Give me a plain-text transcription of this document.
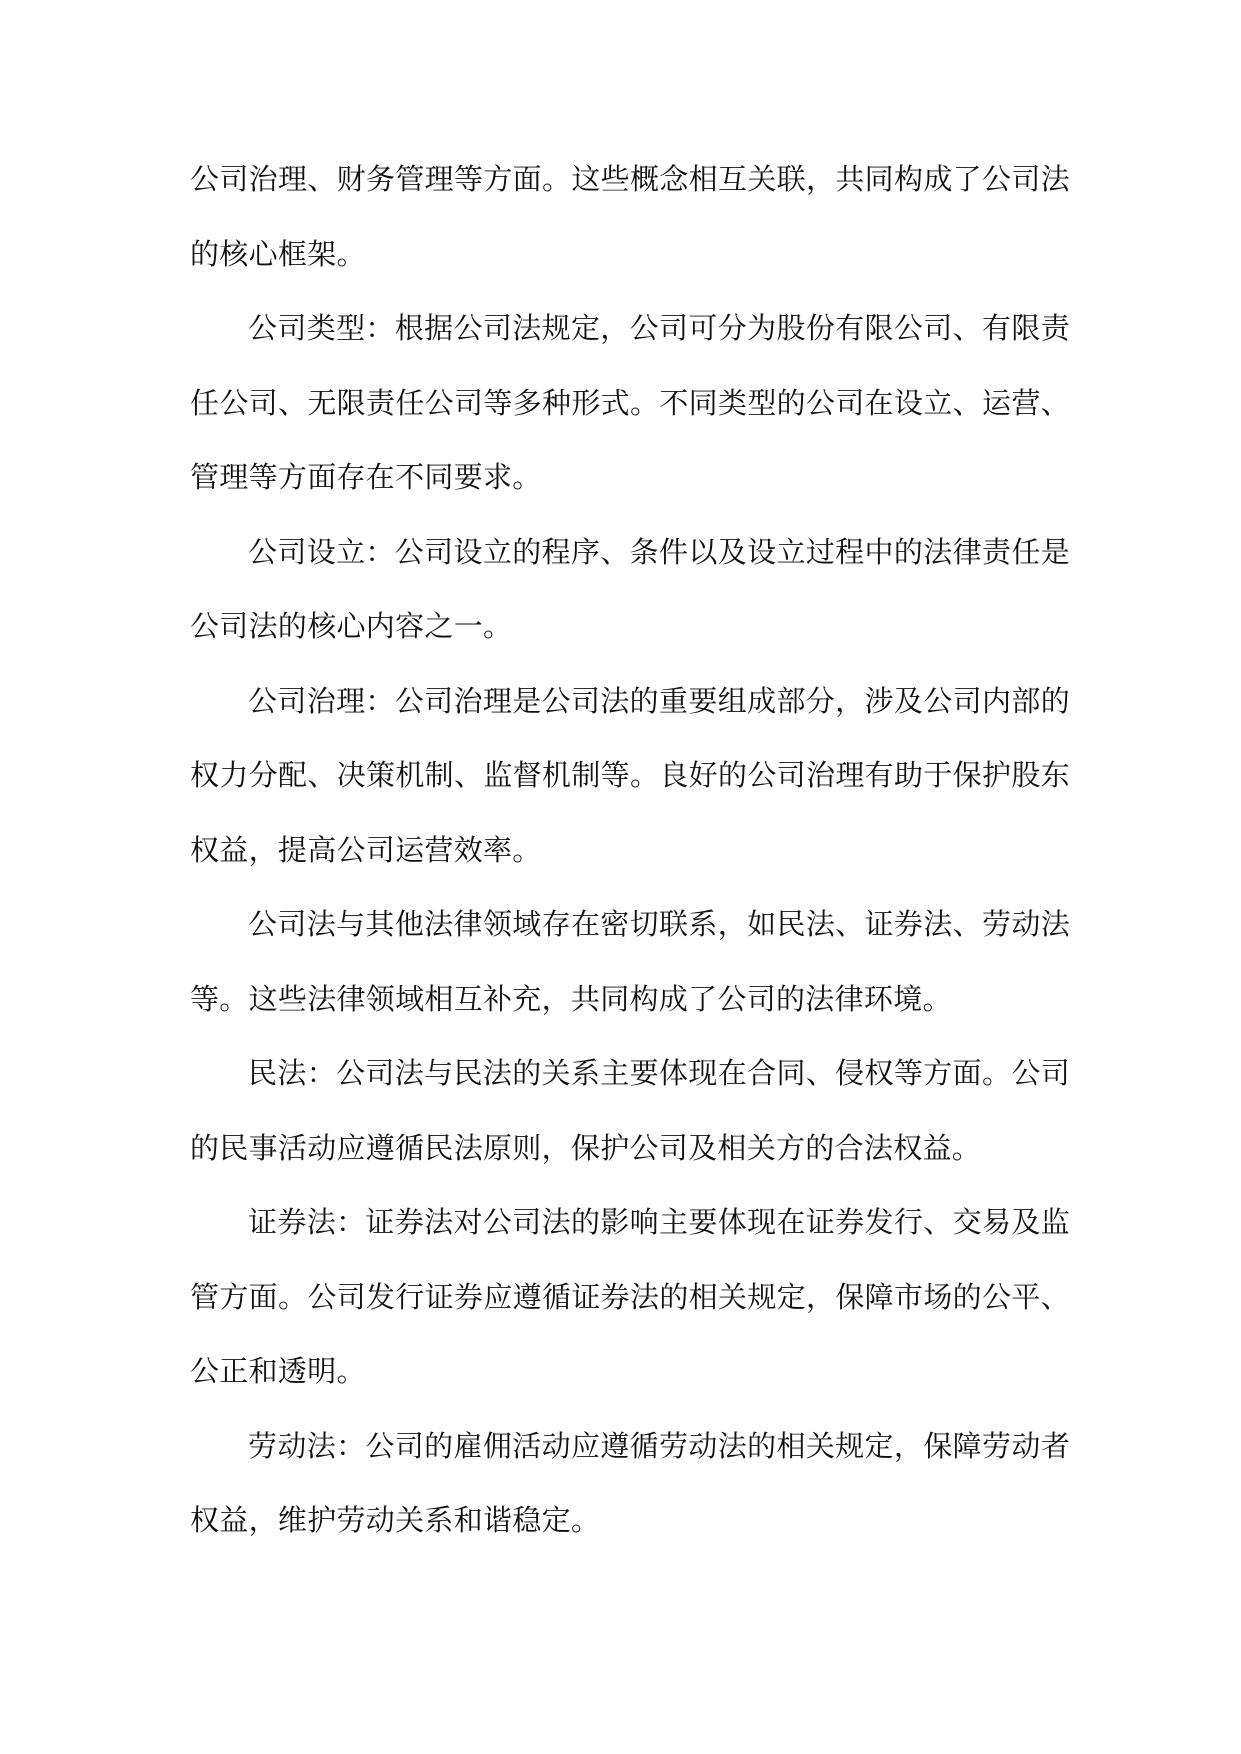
公司治理、财务管理等方面。这些概念相互关联，共同构成了公司法的核心框架。

公司类型：根据公司法规定，公司可分为股份有限公司、有限责任公司、无限责任公司等多种形式。不同类型的公司在设立、运营、管理等方面存在不同要求。

公司设立：公司设立的程序、条件以及设立过程中的法律责任是公司法的核心内容之一。

公司治理：公司治理是公司法的重要组成部分，涉及公司内部的权力分配、决策机制、监督机制等。良好的公司治理有助于保护股东权益，提高公司运营效率。

公司法与其他法律领域存在密切联系，如民法、证券法、劳动法等。这些法律领域相互补充，共同构成了公司的法律环境。

民法：公司法与民法的关系主要体现在合同、侵权等方面。公司的民事活动应遵循民法原则，保护公司及相关方的合法权益。

证券法：证券法对公司法的影响主要体现在证券发行、交易及监管方面。公司发行证券应遵循证券法的相关规定，保障市场的公平、公正和透明。

劳动法：公司的雇佣活动应遵循劳动法的相关规定，保障劳动者权益，维护劳动关系和谐稳定。
